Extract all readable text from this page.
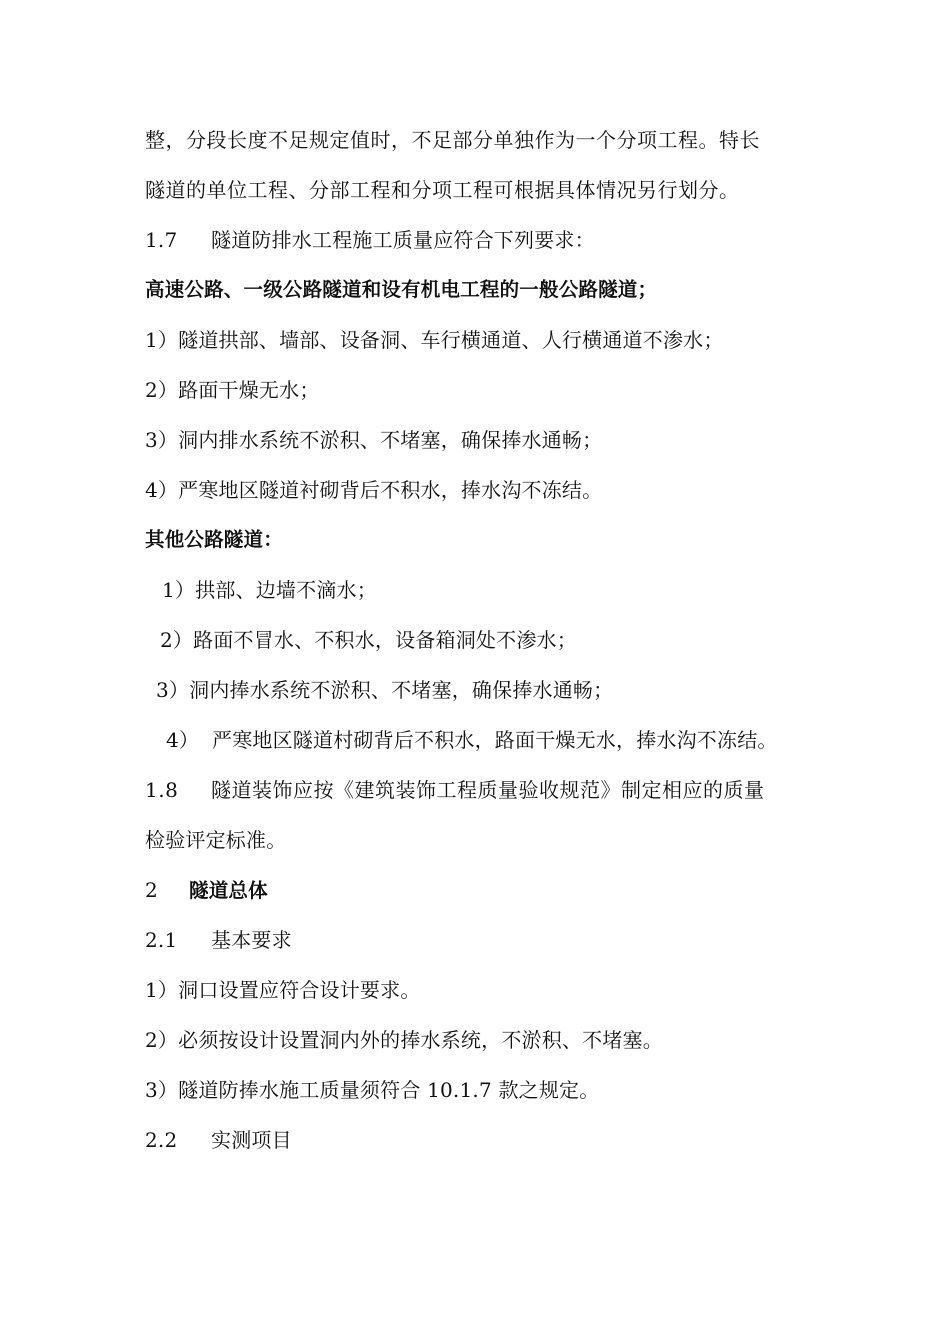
整，分段长度不足规定值时，不足部分单独作为一个分项工程。特长
隧道的单位工程、分部工程和分项工程可根据具体情况另行划分。
1.7 隧道防排水工程施工质量应符合下列要求：
高速公路、一级公路隧道和设有机电工程的一般公路隧道；
1）隧道拱部、墙部、设备洞、车行横通道、人行横通道不渗水；
2）路面干燥无水；
3）洞内排水系统不淤积、不堵塞，确保捧水通畅；
4）严寒地区隧道衬砌背后不积水，捧水沟不冻结。
其他公路隧道：
1）拱部、边墙不滴水；
2）路面不冒水、不积水，设备箱洞处不渗水；
3）洞内捧水系统不淤积、不堵塞，确保捧水通畅；
4） 严寒地区隧道村砌背后不积水，路面干燥无水，捧水沟不冻结。
1.8 隧道装饰应按《建筑装饰工程质量验收规范》制定相应的质量
检验评定标准。
2 隧道总体
2.1 基本要求
1）洞口设置应符合设计要求。
2）必须按设计设置洞内外的捧水系统，不淤积、不堵塞。
3）隧道防捧水施工质量须符合 10.1.7 款之规定。
2.2 实测项目
